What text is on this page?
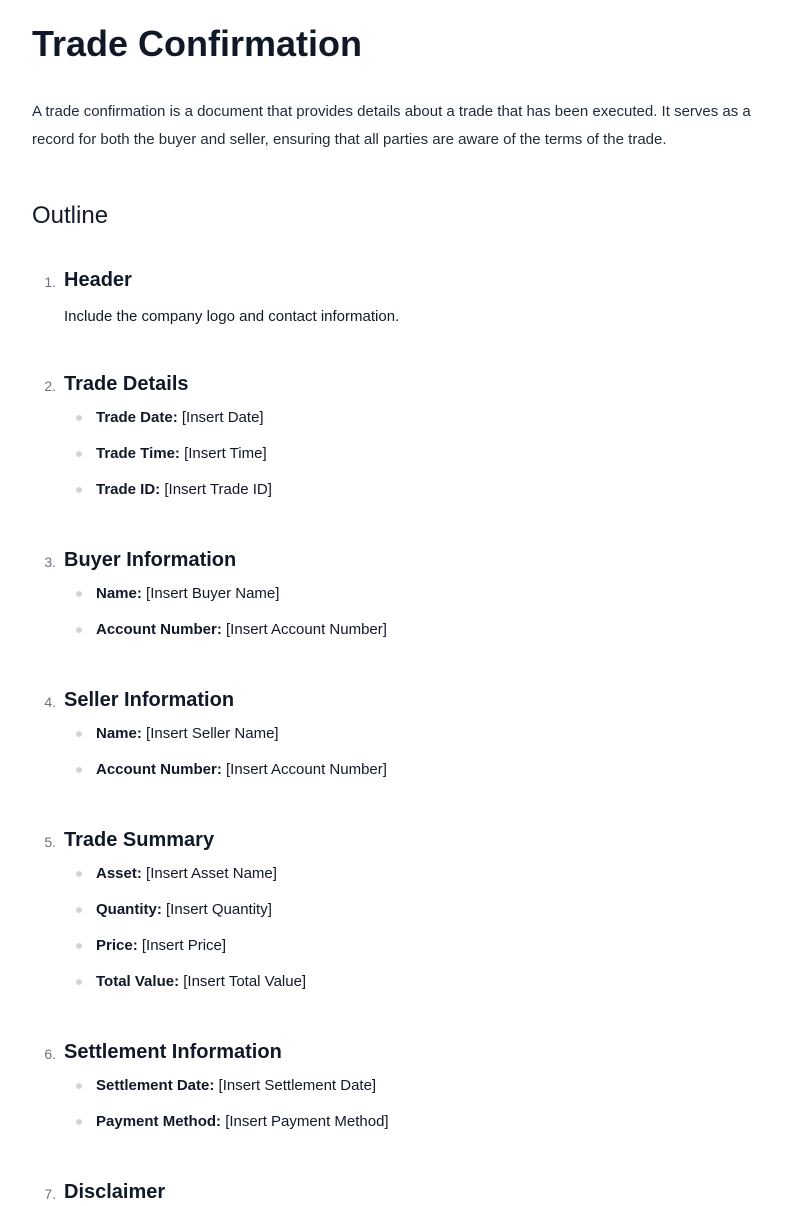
Trade Confirmation

A trade confirmation is a document that provides details about a trade that has been executed. It serves as a record for both the buyer and seller, ensuring that all parties are aware of the terms of the trade.

Outline
1. Header

Include the company logo and contact information.

2. Trade Details
Trade Date: [Insert Date]
Trade Time: [Insert Time]
Trade ID: [Insert Trade ID]
3. Buyer Information
Name: [Insert Buyer Name]
Account Number: [Insert Account Number]
4. Seller Information
Name: [Insert Seller Name]
Account Number: [Insert Account Number]
5. Trade Summary
Asset: [Insert Asset Name]
Quantity: [Insert Quantity]
Price: [Insert Price]
Total Value: [Insert Total Value]
6. Settlement Information
Settlement Date: [Insert Settlement Date]
Payment Method: [Insert Payment Method]
7. Disclaimer
